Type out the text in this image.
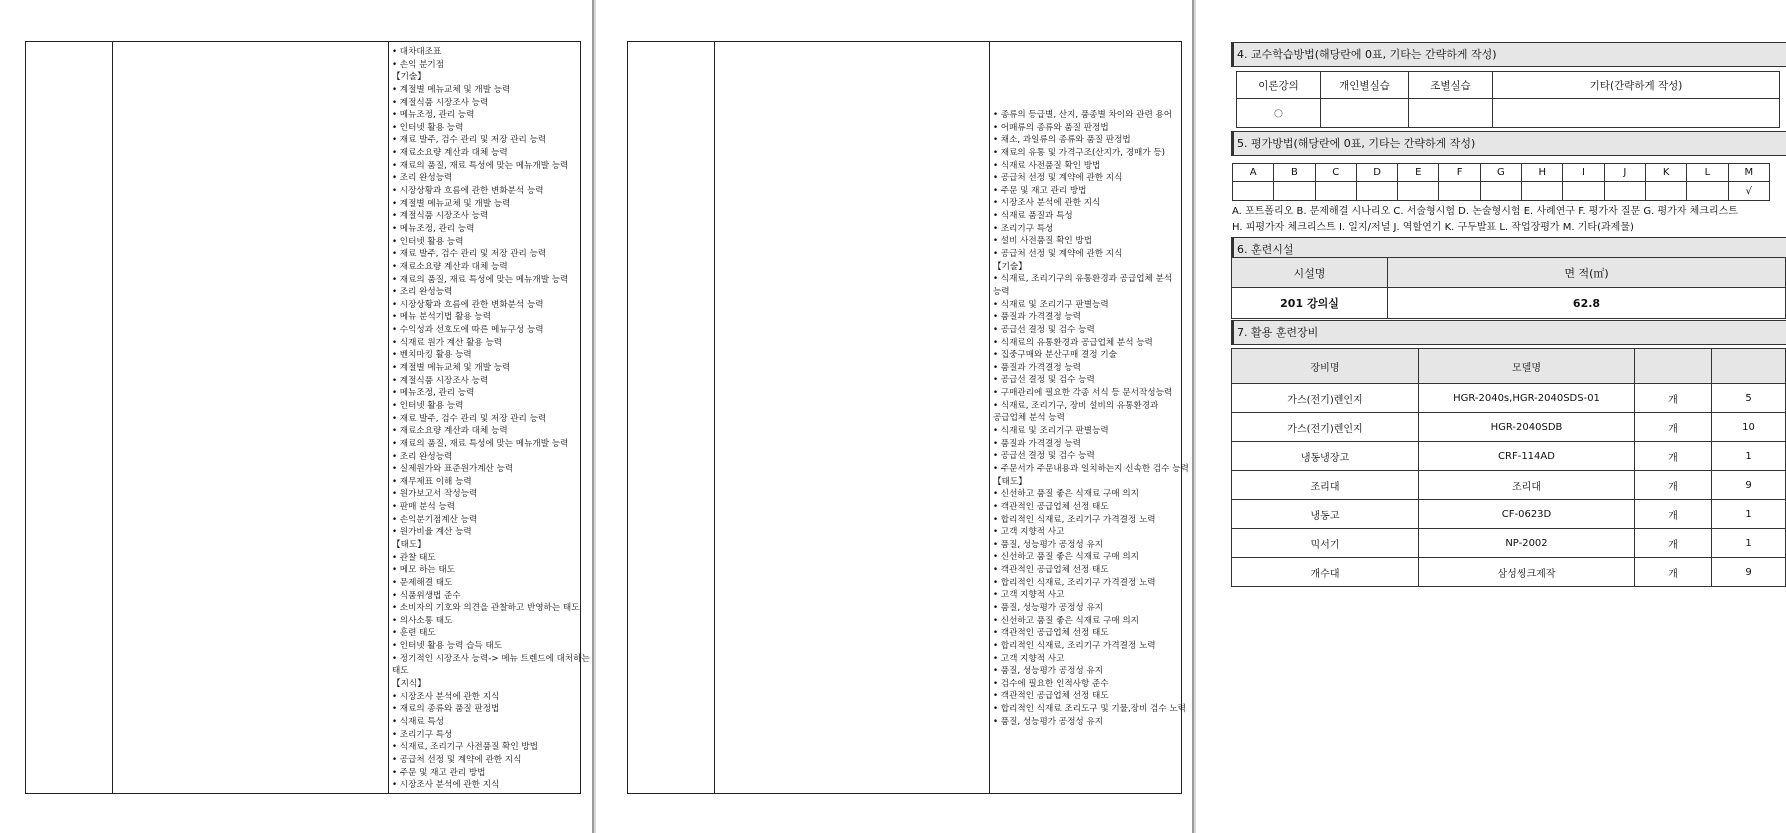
• 대차대조표
• 손익 분기점
【기술】
• 계절별 메뉴교체 및 개발 능력
• 계절식품 시장조사 능력
• 메뉴조정, 관리 능력
• 인터넷 활용 능력
• 재료 발주, 검수 관리 및 저장 관리 능력
• 재료소요량 계산과 대체 능력
• 재료의 품질, 재료 특성에 맞는 메뉴개발 능력
• 조리 완성능력
• 시장상황과 흐름에 관한 변화분석 능력
• 계절별 메뉴교체 및 개발 능력
• 계절식품 시장조사 능력
• 메뉴조정, 관리 능력
• 인터넷 활용 능력
• 재료 발주, 검수 관리 및 저장 관리 능력
• 재료소요량 계산과 대체 능력
• 재료의 품질, 재료 특성에 맞는 메뉴개발 능력
• 조리 완성능력
• 시장상황과 흐름에 관한 변화분석 능력
• 메뉴 분석기법 활용 능력
• 수익성과 선호도에 따른 메뉴구성 능력
• 식재료 원가 계산 활용 능력
• 벤치마킹 활용 능력
• 계절별 메뉴교체 및 개발 능력
• 계절식품 시장조사 능력
• 메뉴조정, 관리 능력
• 인터넷 활용 능력
• 재료 발주, 검수 관리 및 저장 관리 능력
• 재료소요량 계산과 대체 능력
• 재료의 품질, 재료 특성에 맞는 메뉴개발 능력
• 조리 완성능력
• 실제원가와 표준원가계산 능력
• 재무제표 이해 능력
• 원가보고서 작성능력
• 판매 분석 능력
• 손익분기점계산 능력
• 원가비율 계산 능력
【태도】
• 관찰 태도
• 메모 하는 태도
• 문제해결 태도
• 식품위생법 준수
• 소비자의 기호와 의견을 관찰하고 반영하는 태도
• 의사소통 태도
• 훈련 태도
• 인터넷 활용 능력 습득 태도
• 정기적인 시장조사 능력-> 메뉴 트렌드에 대처하는
태도
【지식】
• 시장조사 분석에 관한 지식
• 재료의 종류와 품질 판정법
• 식재료 특성
• 조리기구 특성
• 식재료, 조리기구 사전품질 확인 방법
• 공급처 선정 및 계약에 관한 지식
• 주문 및 재고 관리 방법
• 시장조사 분석에 관한 지식
• 종류의 등급별, 산지, 품종별 차이와 관련 용어
• 어패류의 종류와 품질 판정법
• 채소, 과일류의 종류와 품질 판정법
• 재료의 유통 및 가격구조(산지가, 경매가 등)
• 식재료 사전품질 확인 방법
• 공급처 선정 및 계약에 관한 지식
• 주문 및 재고 관리 방법
• 시장조사 분석에 관한 지식
• 식재료 품질과 특성
• 조리기구 특성
• 설비 사전품질 확인 방법
• 공급처 선정 및 계약에 관한 지식
【기술】
• 식재료, 조리기구의 유통환경과 공급업체 분석
능력
• 식재료 및 조리기구 판별능력
• 품질과 가격결정 능력
• 공급선 결정 및 검수 능력
• 식재료의 유통환경과 공급업체 분석 능력
• 집중구매와 분산구매 결정 기술
• 품질과 가격결정 능력
• 공급선 결정 및 검수 능력
• 구매관리에 필요한 각종 서식 등 문서작성능력
• 식재료, 조리기구, 장비 설비의 유통환경과
공급업체 분석 능력
• 식재료 및 조리기구 판별능력
• 품질과 가격결정 능력
• 공급선 결정 및 검수 능력
• 주문서가 주문내용과 일치하는지 신속한 검수 능력
【태도】
• 신선하고 품질 좋은 식재료 구매 의지
• 객관적인 공급업체 선정 태도
• 합리적인 식재료, 조리기구 가격결정 노력
• 고객 지향적 사고
• 품질, 성능평가 공정성 유지
• 신선하고 품질 좋은 식재료 구매 의지
• 객관적인 공급업체 선정 태도
• 합리적인 식재료, 조리기구 가격결정 노력
• 고객 지향적 사고
• 품질, 성능평가 공정성 유지
• 신선하고 품질 좋은 식재료 구매 의지
• 객관적인 공급업체 선정 태도
• 합리적인 식재료, 조리기구 가격결정 노력
• 고객 지향적 사고
• 품질, 성능평가 공정성 유지
• 검수에 필요한 인적사항 준수
• 객관적인 공급업체 선정 태도
• 합리적인 식재료 조리도구 및 기물,장비 검수 노력
• 품질, 성능평가 공정성 유지
4. 교수학습방법(해당란에 0표, 기타는 간략하게 작성)
이론강의	개인별실습	조별실습	기타(간략하게 작성)
○			
5. 평가방법(해당란에 0표, 기타는 간략하게 작성)
A	B	C	D	E	F	G	H	I	J	K	L	M
												√
A. 포트폴리오 B. 문제해결 시나리오 C. 서술형시험 D. 논술형시험 E. 사례연구 F. 평가자 질문 G. 평가자 체크리스트
H. 피평가자 체크리스트 I. 일지/저널 J. 역할연기 K. 구두발표 L. 작업장평가 M. 기타(과제물)
6. 훈련시설
시설명	면 적(㎡)
201 강의실	62.8
7. 활용 훈련장비
장비명	모델명		
가스(전기)렌인지	HGR-2040s,HGR-2040SDS-01	개	5
가스(전기)렌인지	HGR-2040SDB	개	10
냉동냉장고	CRF-114AD	개	1
조리대	조리대	개	9
냉동고	CF-0623D	개	1
믹서기	NP-2002	개	1
개수대	삼성씽크제작	개	9
